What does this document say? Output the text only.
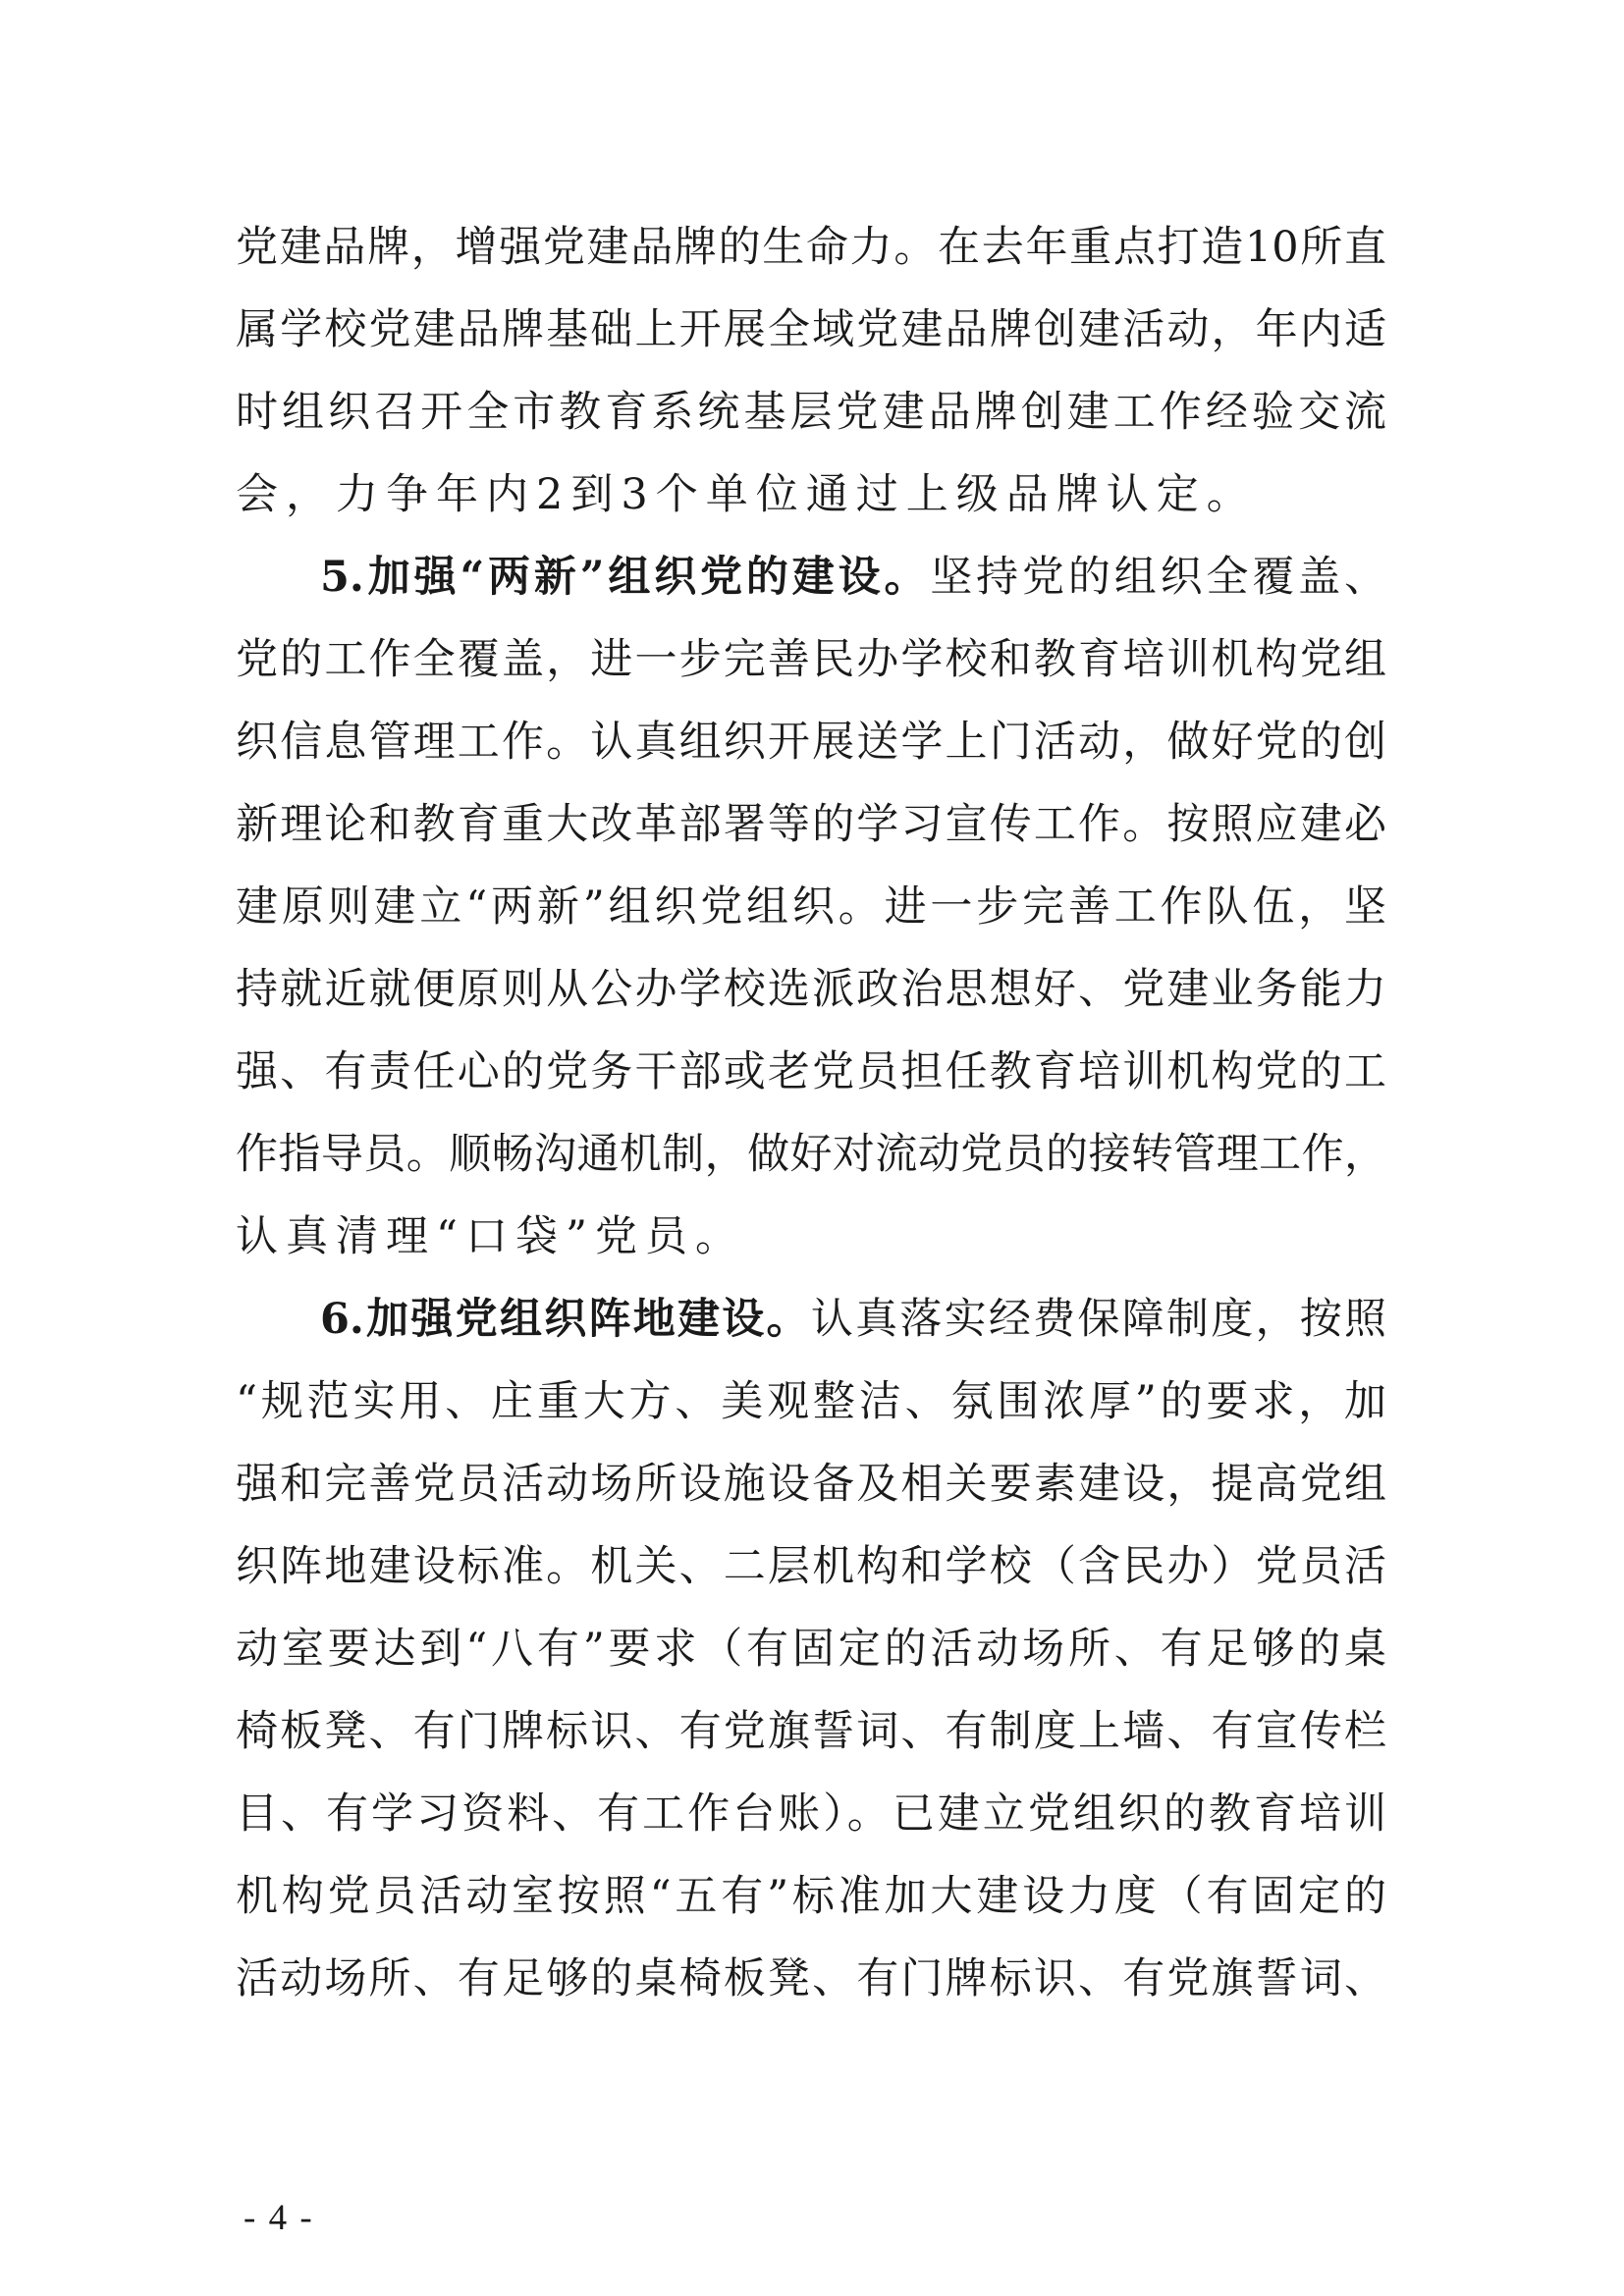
党建品牌，增强党建品牌的生命力。在去年重点打造10所直
属学校党建品牌基础上开展全域党建品牌创建活动，年内适
时组织召开全市教育系统基层党建品牌创建工作经验交流
会，力争年内2到3个单位通过上级品牌认定。
5.加强“两新”组织党的建设。坚持党的组织全覆盖、
党的工作全覆盖，进一步完善民办学校和教育培训机构党组
织信息管理工作。认真组织开展送学上门活动，做好党的创
新理论和教育重大改革部署等的学习宣传工作。按照应建必
建原则建立“两新”组织党组织。进一步完善工作队伍，坚
持就近就便原则从公办学校选派政治思想好、党建业务能力
强、有责任心的党务干部或老党员担任教育培训机构党的工
作指导员。顺畅沟通机制，做好对流动党员的接转管理工作，
认真清理“口袋”党员。
6.加强党组织阵地建设。认真落实经费保障制度，按照
“规范实用、庄重大方、美观整洁、氛围浓厚”的要求，加
强和完善党员活动场所设施设备及相关要素建设，提高党组
织阵地建设标准。机关、二层机构和学校（含民办）党员活
动室要达到“八有”要求（有固定的活动场所、有足够的桌
椅板凳、有门牌标识、有党旗誓词、有制度上墙、有宣传栏
目、有学习资料、有工作台账）。已建立党组织的教育培训
机构党员活动室按照“五有”标准加大建设力度（有固定的
活动场所、有足够的桌椅板凳、有门牌标识、有党旗誓词、
- 4 -
